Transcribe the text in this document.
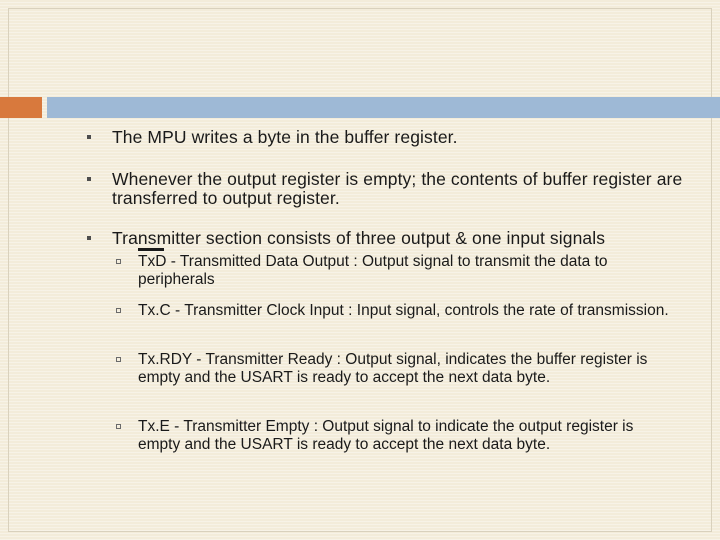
The MPU writes a byte in the buffer register.
Whenever the output register is empty; the contents of buffer register are transferred to output register.
Transmitter section consists of three output & one input signals
TxD - Transmitted Data Output : Output signal to transmit the data to peripherals
Tx.C - Transmitter Clock Input : Input signal, controls the rate of transmission.
Tx.RDY - Transmitter Ready : Output signal, indicates the buffer register is empty and the USART is ready to accept the next data byte.
Tx.E - Transmitter Empty : Output signal to indicate the output register is empty and the USART is ready to accept the next data byte.
